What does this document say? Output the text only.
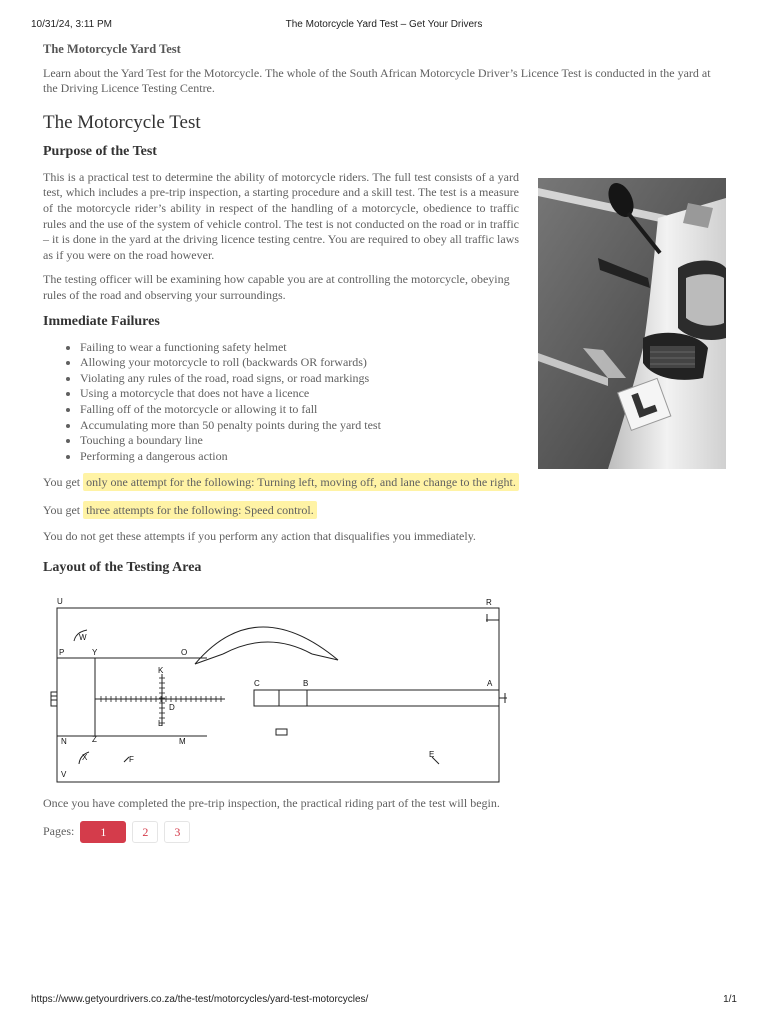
10/31/24, 3:11 PM	The Motorcycle Yard Test – Get Your Drivers
The Motorcycle Yard Test

Learn about the Yard Test for the Motorcycle. The whole of the South African Motorcycle Driver’s Licence Test is conducted in the yard at the Driving Licence Testing Centre.

The Motorcycle Test
Purpose of the Test

This is a practical test to determine the ability of motorcycle riders. The full test consists of a yard test, which includes a pre-trip inspection, a starting procedure and a skill test. The test is a measure of the motorcycle rider’s ability in respect of the handling of a motorcycle, obedience to traffic rules and the use of the system of vehicle control. The test is not conducted on the road or in traffic – it is done in the yard at the driving licence testing centre. You are required to obey all traffic laws as if you were on the road however.

The testing officer will be examining how capable you are at controlling the motorcycle, obeying rules of the road and observing your surroundings.

Immediate Failures
• Failing to wear a functioning safety helmet
• Allowing your motorcycle to roll (backwards OR forwards)
• Violating any rules of the road, road signs, or road markings
• Using a motorcycle that does not have a licence
• Falling off of the motorcycle or allowing it to fall
• Accumulating more than 50 penalty points during the yard test
• Touching a boundary line
• Performing a dangerous action

You get only one attempt for the following: Turning left, moving off, and lane change to the right.

You get three attempts for the following: Speed control.

You do not get these attempts if you perform any action that disqualifies you immediately.

Layout of the Testing Area
U	R
W
P	Y	O
K
C	B	A
D
L
N	Z	M
X	F
E
V

Once you have completed the pre-trip inspection, the practical riding part of the test will begin.

Pages:	1	2	3
https://www.getyourdrivers.co.za/the-test/motorcycles/yard-test-motorcycles/	1/1
